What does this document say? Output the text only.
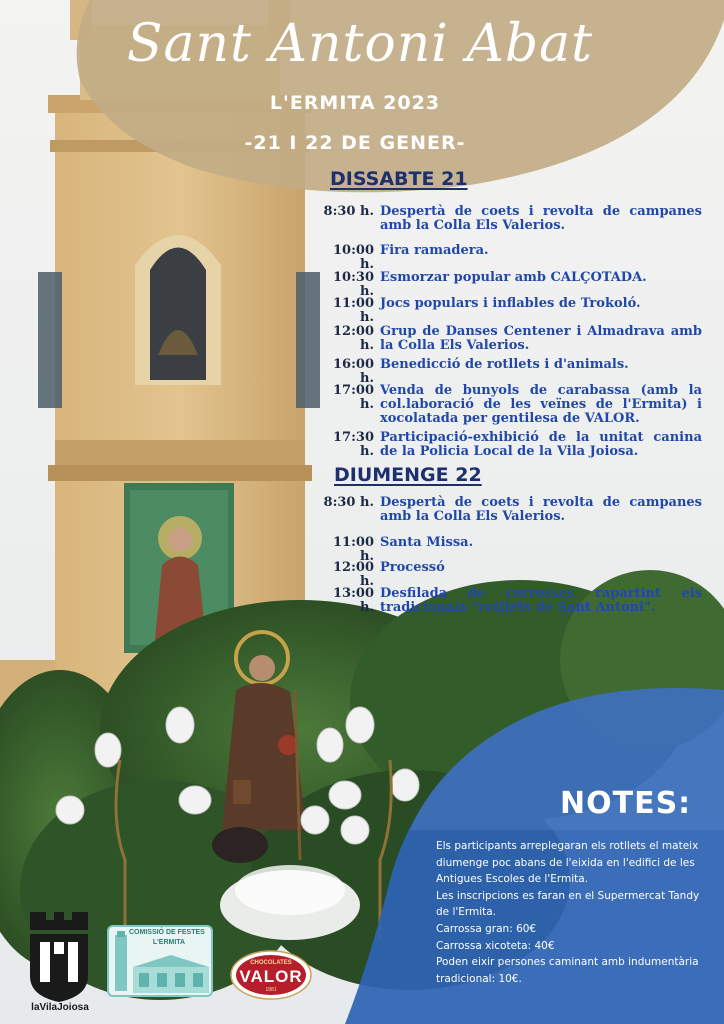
Sant Antoni Abat
L'ERMITA 2023
-21 I 22 DE GENER-
DISSABTE 21
8:30 h. Despertà de coets i revolta de campanes amb la Colla Els Valerios.
10:00 h.
Fira ramadera.
10:30 h.
Esmorzar popular amb CALÇOTADA.
11:00 h.
Jocs populars i inflables de Trokoló.
12:00 h.
Grup de Danses Centener i Almadrava amb la Colla Els Valerios.
16:00 h.
Benedicció de rotllets i d'animals.
17:00 h.
Venda de bunyols de carabassa (amb la col.laboració de les veïnes de l'Ermita) i xocolatada per gentilesa de VALOR.
17:30 h.
Participació-exhibició de la unitat canina de la Policia Local de la Vila Joiosa.
DIUMENGE 22
8:30 h. Despertà de coets i revolta de campanes amb la Colla Els Valerios.
11:00 h.
Santa Missa.
12:00 h.
Processó
13:00 h.
Desfilada de carrosses rapartint els tradicionals "rotllets de Sant Antoni".
NOTES:
Els participants arreplegaran els rotllets el mateix diumenge poc abans de l'eixida en l'edifici de les Antigues Escoles de l'Ermita.
Les inscripcions es faran en el Supermercat Tandy de l'Ermita.
Carrossa gran: 60€
Carrossa xicoteta: 40€
Poden eixir persones caminant amb indumentària tradicional: 10€.
laVilaJoiosa
COMISSIÓ DE FESTES
L'ERMITA
CHOCOLATES
VALOR
1881
